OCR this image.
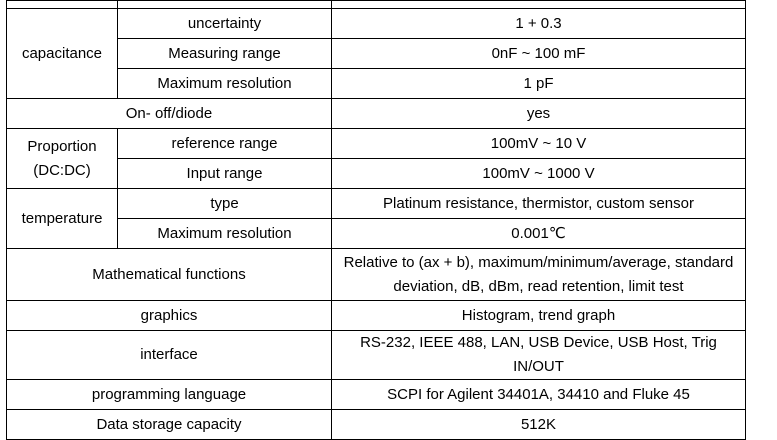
capacitance	uncertainty	1 + 0.3
	Measuring range	0nF ~ 100 mF
	Maximum resolution	1 pF
On- off/diode		yes
Proportion
(DC:DC)	reference range	100mV ~ 10 V
	Input range	100mV ~ 1000 V
temperature	type	Platinum resistance, thermistor, custom sensor
	Maximum resolution	0.001℃
Mathematical functions		Relative to (ax + b), maximum/minimum/average, standard
deviation, dB, dBm, read retention, limit test
graphics		Histogram, trend graph
interface		RS-232, IEEE 488, LAN, USB Device, USB Host, Trig IN/OUT
programming language		SCPI for Agilent 34401A, 34410 and Fluke 45
Data storage capacity		512K
